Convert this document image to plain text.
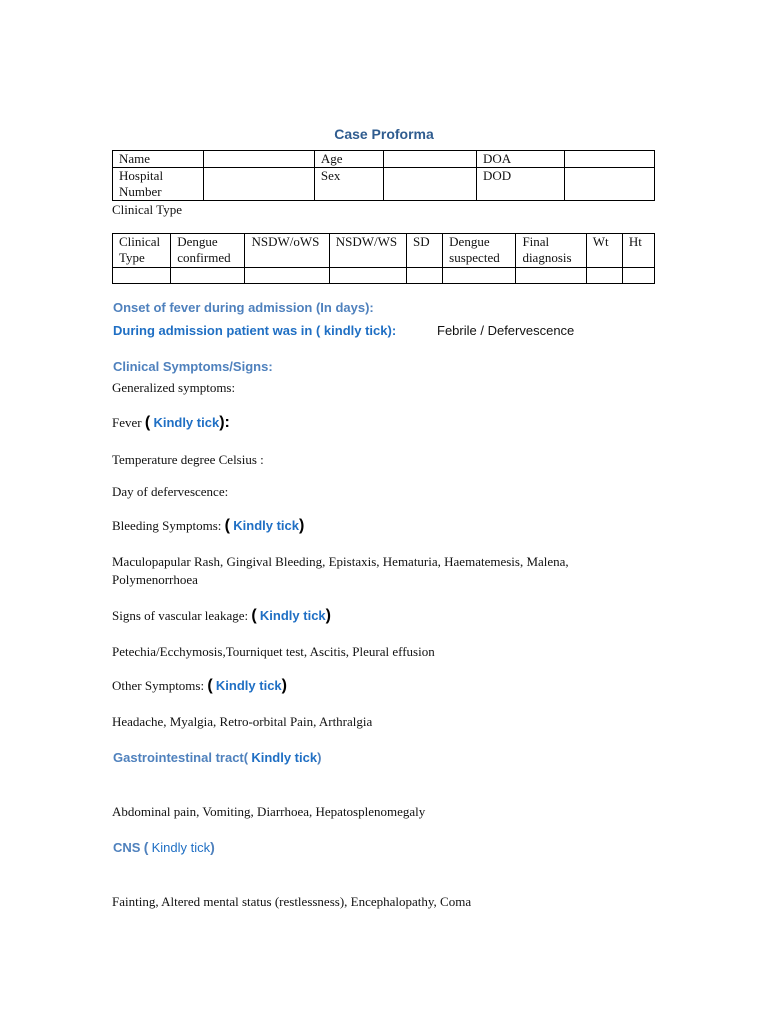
Case Proforma
Name		Age		DOA	
Hospital Number		Sex		DOD	
Clinical Type
Clinical Type	Dengue confirmed	NSDW/oWS	NSDW/WS	SD	Dengue suspected	Final diagnosis	Wt	Ht

Onset of fever during admission (In days):
During admission patient was in ( kindly tick):	Febrile / Defervescence
Clinical Symptoms/Signs:
Generalized symptoms:
Fever ( Kindly tick):
Temperature degree Celsius :
Day of defervescence:
Bleeding Symptoms: ( Kindly tick)
Maculopapular Rash, Gingival Bleeding, Epistaxis, Hematuria, Haematemesis, Malena,
Polymenorrhoea
Signs of vascular leakage: ( Kindly tick)
Petechia/Ecchymosis,Tourniquet test, Ascitis, Pleural effusion
Other Symptoms: ( Kindly tick)
Headache, Myalgia, Retro-orbital Pain, Arthralgia
Gastrointestinal tract( Kindly tick)
Abdominal pain, Vomiting, Diarrhoea, Hepatosplenomegaly
CNS ( Kindly tick)
Fainting, Altered mental status (restlessness), Encephalopathy, Coma
